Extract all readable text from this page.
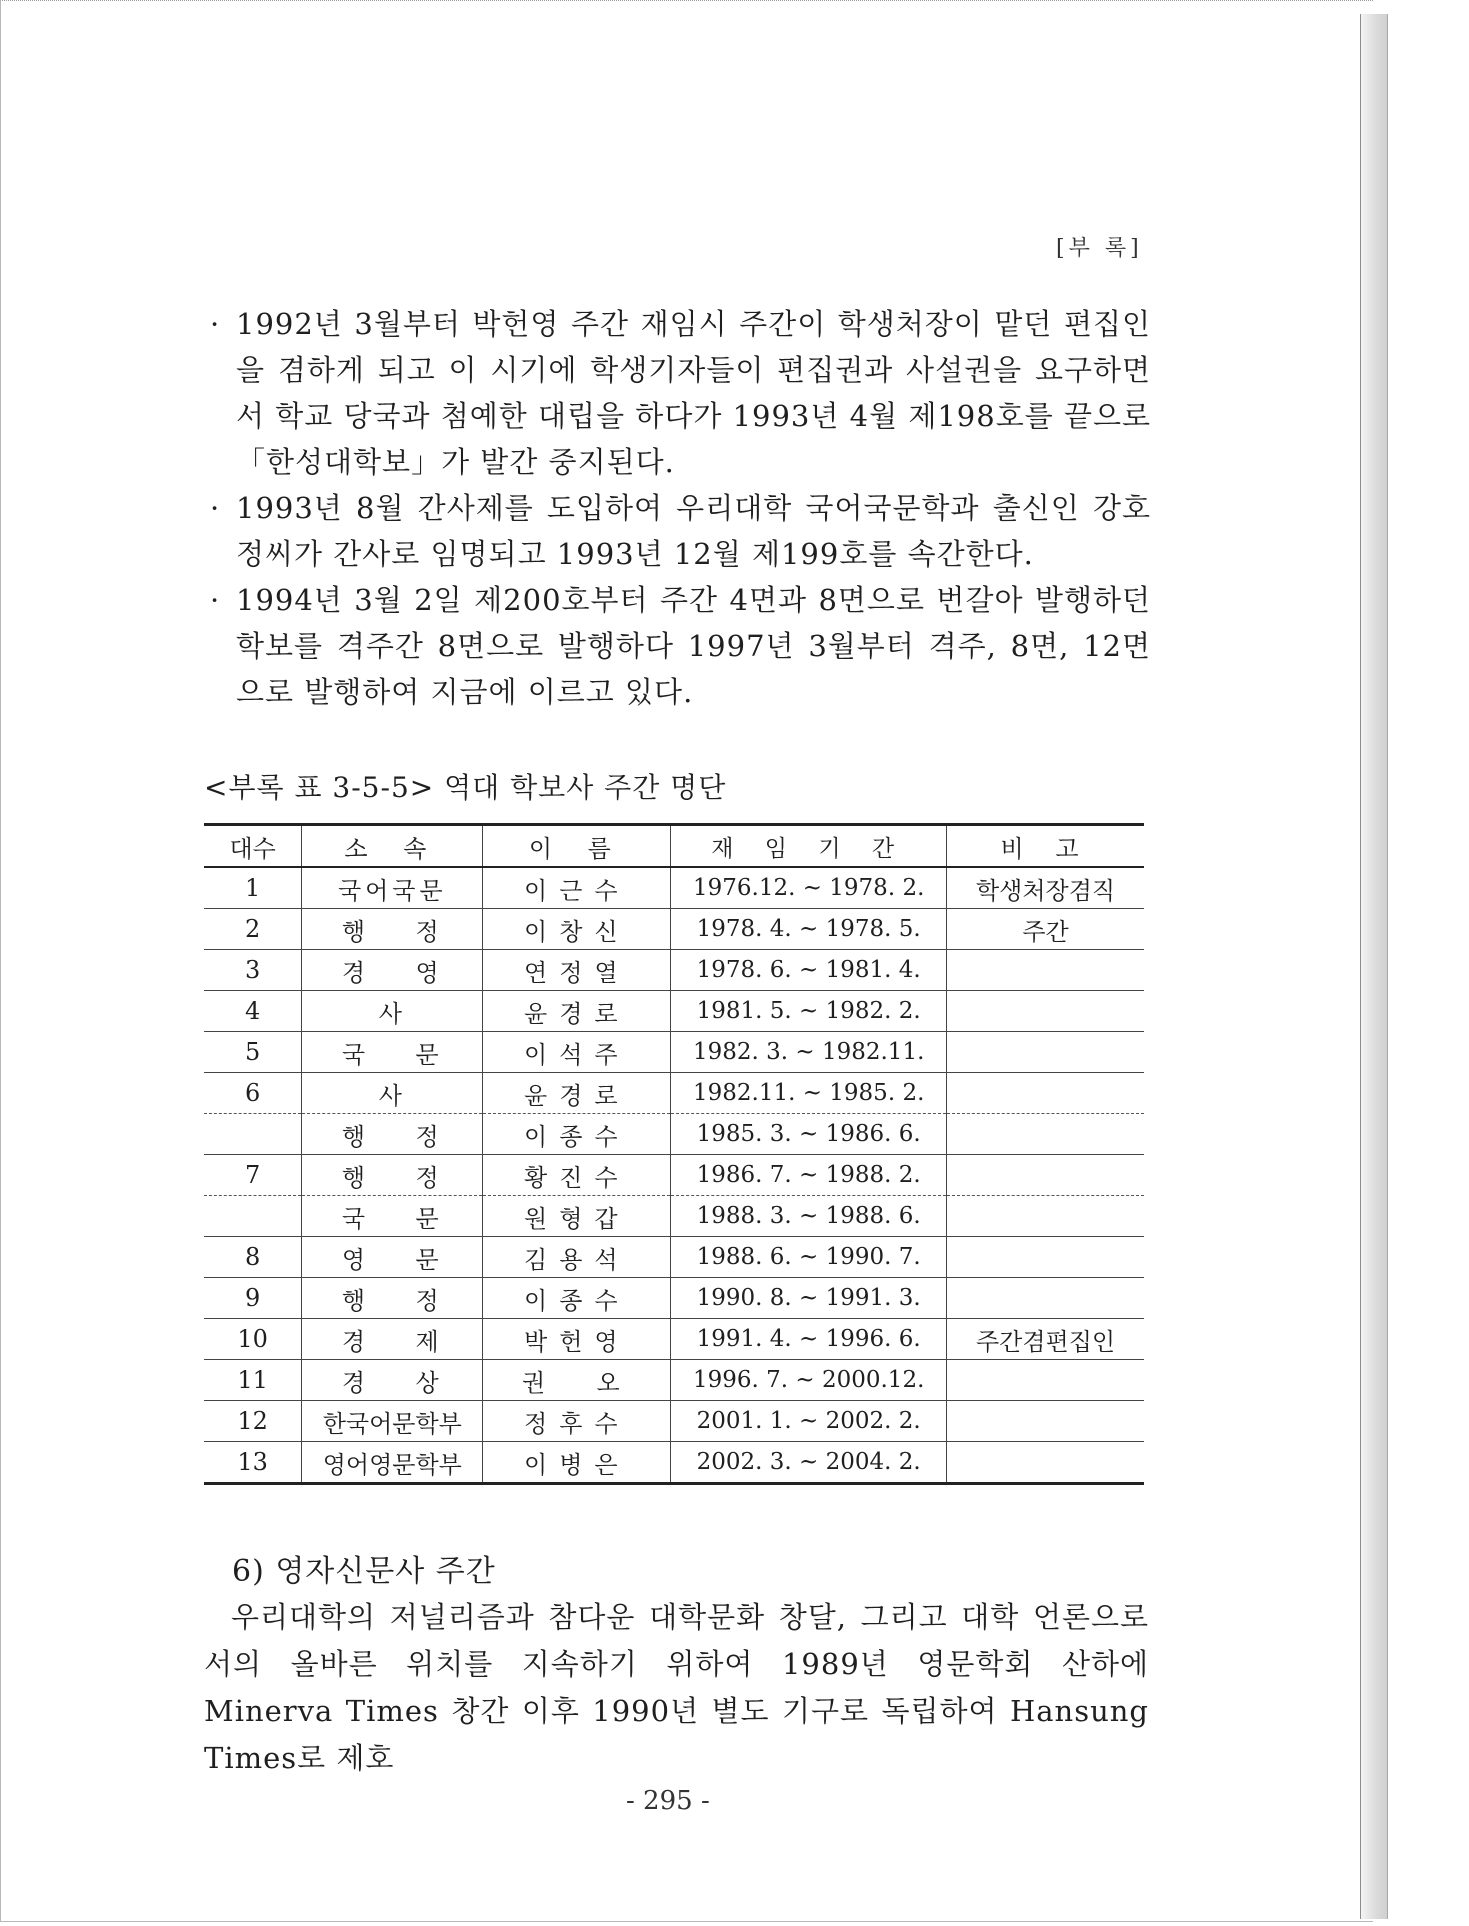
[부 록]
· 1992년 3월부터 박헌영 주간 재임시 주간이 학생처장이 맡던 편집인을 겸하게 되고 이 시기에 학생기자들이 편집권과 사설권을 요구하면서 학교 당국과 첨예한 대립을 하다가 1993년 4월 제198호를 끝으로 「한성대학보」가 발간 중지된다.
· 1993년 8월 간사제를 도입하여 우리대학 국어국문학과 출신인 강호정씨가 간사로 임명되고 1993년 12월 제199호를 속간한다.
· 1994년 3월 2일 제200호부터 주간 4면과 8면으로 번갈아 발행하던 학보를 격주간 8면으로 발행하다 1997년 3월부터 격주, 8면, 12면으로 발행하여 지금에 이르고 있다.
<부록 표 3-5-5> 역대 학보사 주간 명단
대수	소 속	이 름	재 임 기 간	비 고
1	국어국문	이근수	1976.12. ~ 1978. 2.	학생처장겸직
2	행    정	이창신	1978. 4. ~ 1978. 5.	주간
3	경    영	연정열	1978. 6. ~ 1981. 4.	
4	사	윤경로	1981. 5. ~ 1982. 2.	
5	국    문	이석주	1982. 3. ~ 1982.11.	
6	사	윤경로	1982.11. ~ 1985. 2.	
	행    정	이종수	1985. 3. ~ 1986. 6.	
7	행    정	황진수	1986. 7. ~ 1988. 2.	
	국    문	원형갑	1988. 3. ~ 1988. 6.	
8	영    문	김용석	1988. 6. ~ 1990. 7.	
9	행    정	이종수	1990. 8. ~ 1991. 3.	
10	경    제	박헌영	1991. 4. ~ 1996. 6.	주간겸편집인
11	경    상	권  오	1996. 7. ~ 2000.12.	
12	한국어문학부	정후수	2001. 1. ~ 2002. 2.	
13	영어영문학부	이병은	2002. 3. ~ 2004. 2.	
6) 영자신문사 주간
우리대학의 저널리즘과 참다운 대학문화 창달, 그리고 대학 언론으로서의 올바른 위치를 지속하기 위하여 1989년 영문학회 산하에 Minerva Times 창간 이후 1990년 별도 기구로 독립하여 Hansung Times로 제호
- 295 -
